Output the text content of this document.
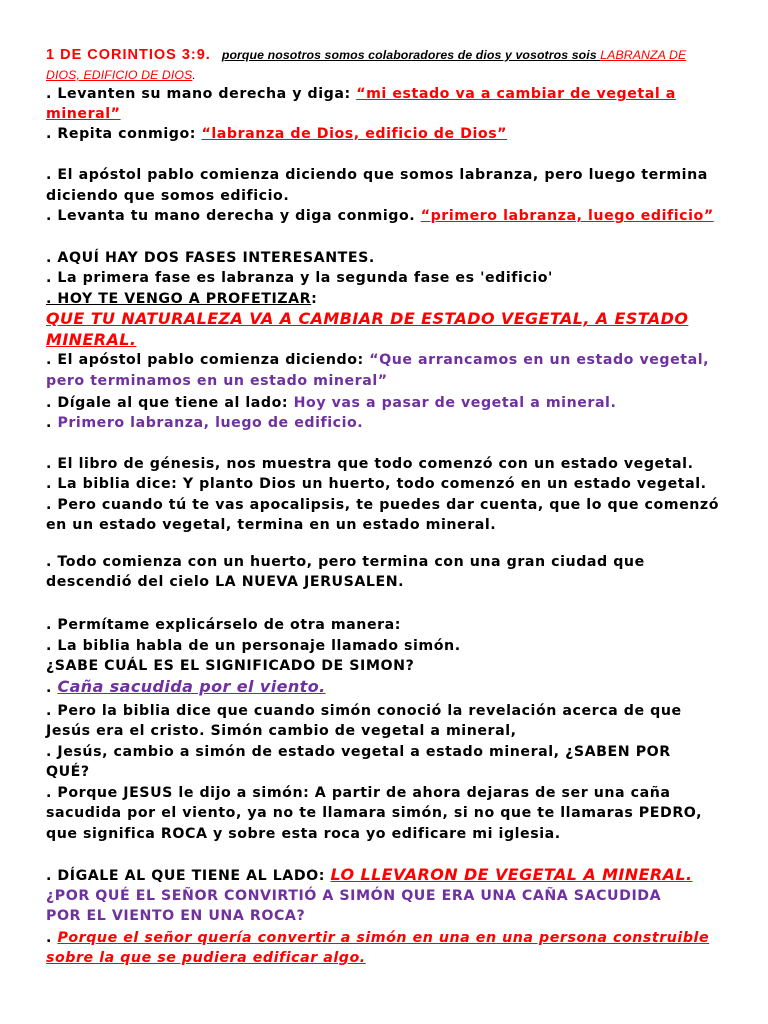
1 DE CORINTIOS 3:9. porque nosotros somos colaboradores de dios y vosotros sois LABRANZA DE
DIOS, EDIFICIO DE DIOS.
. Levanten su mano derecha y diga: “mi estado va a cambiar de vegetal a
mineral”
. Repita conmigo: “labranza de Dios, edificio de Dios”
. El apóstol pablo comienza diciendo que somos labranza, pero luego termina
diciendo que somos edificio.
. Levanta tu mano derecha y diga conmigo. “primero labranza, luego edificio”
. AQUÍ HAY DOS FASES INTERESANTES.
. La primera fase es labranza y la segunda fase es 'edificio'
. HOY TE VENGO A PROFETIZAR:
QUE TU NATURALEZA VA A CAMBIAR DE ESTADO VEGETAL, A ESTADO
MINERAL.
. El apóstol pablo comienza diciendo: “Que arrancamos en un estado vegetal,
pero terminamos en un estado mineral”
. Dígale al que tiene al lado: Hoy vas a pasar de vegetal a mineral.
. Primero labranza, luego de edificio.
. El libro de génesis, nos muestra que todo comenzó con un estado vegetal.
. La biblia dice: Y planto Dios un huerto, todo comenzó en un estado vegetal.
. Pero cuando tú te vas apocalipsis, te puedes dar cuenta, que lo que comenzó
en un estado vegetal, termina en un estado mineral.
. Todo comienza con un huerto, pero termina con una gran ciudad que
descendió del cielo LA NUEVA JERUSALEN.
. Permítame explicárselo de otra manera:
. La biblia habla de un personaje llamado simón.
¿SABE CUÁL ES EL SIGNIFICADO DE SIMON?
. Caña sacudida por el viento.
. Pero la biblia dice que cuando simón conoció la revelación acerca de que
Jesús era el cristo. Simón cambio de vegetal a mineral,
. Jesús, cambio a simón de estado vegetal a estado mineral, ¿SABEN POR
QUÉ?
. Porque JESUS le dijo a simón: A partir de ahora dejaras de ser una caña
sacudida por el viento, ya no te llamara simón, si no que te llamaras PEDRO,
que significa ROCA y sobre esta roca yo edificare mi iglesia.
. DÍGALE AL QUE TIENE AL LADO: LO LLEVARON DE VEGETAL A MINERAL.
¿POR QUÉ EL SEÑOR CONVIRTIÓ A SIMÓN QUE ERA UNA CAÑA SACUDIDA
POR EL VIENTO EN UNA ROCA?
. Porque el señor quería convertir a simón en una en una persona construible
sobre la que se pudiera edificar algo.
